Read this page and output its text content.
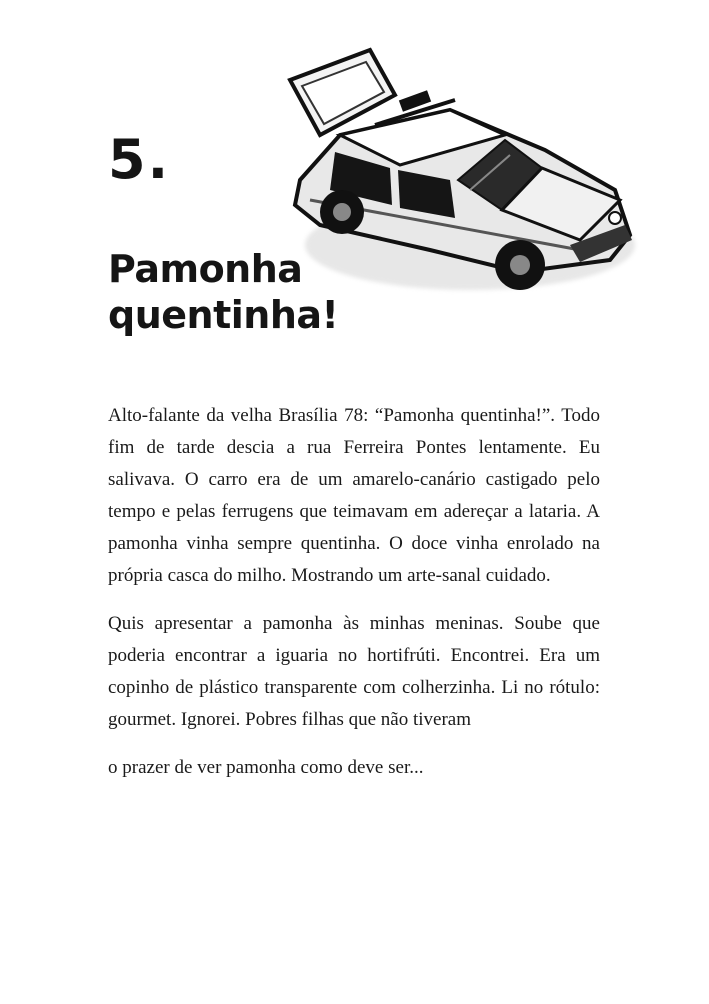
5.
Pamonha
quentinha!

Alto-falante da velha Brasília 78: “Pamonha quentinha!”. Todo fim de tarde descia a rua Ferreira Pontes lentamente. Eu salivava. O carro era de um amarelo-canário castigado pelo tempo e pelas ferrugens que teimavam em adereçar a lataria. A pamonha vinha sempre quentinha. O doce vinha enrolado na própria casca do milho. Mostrando um arte-sanal cuidado.

Quis apresentar a pamonha às minhas meninas. Soube que poderia encontrar a iguaria no hortifrúti. Encontrei. Era um copinho de plástico transparente com colherzinha. Li no rótulo: gourmet. Ignorei. Pobres filhas que não tiveram

o prazer de ver pamonha como deve ser...
